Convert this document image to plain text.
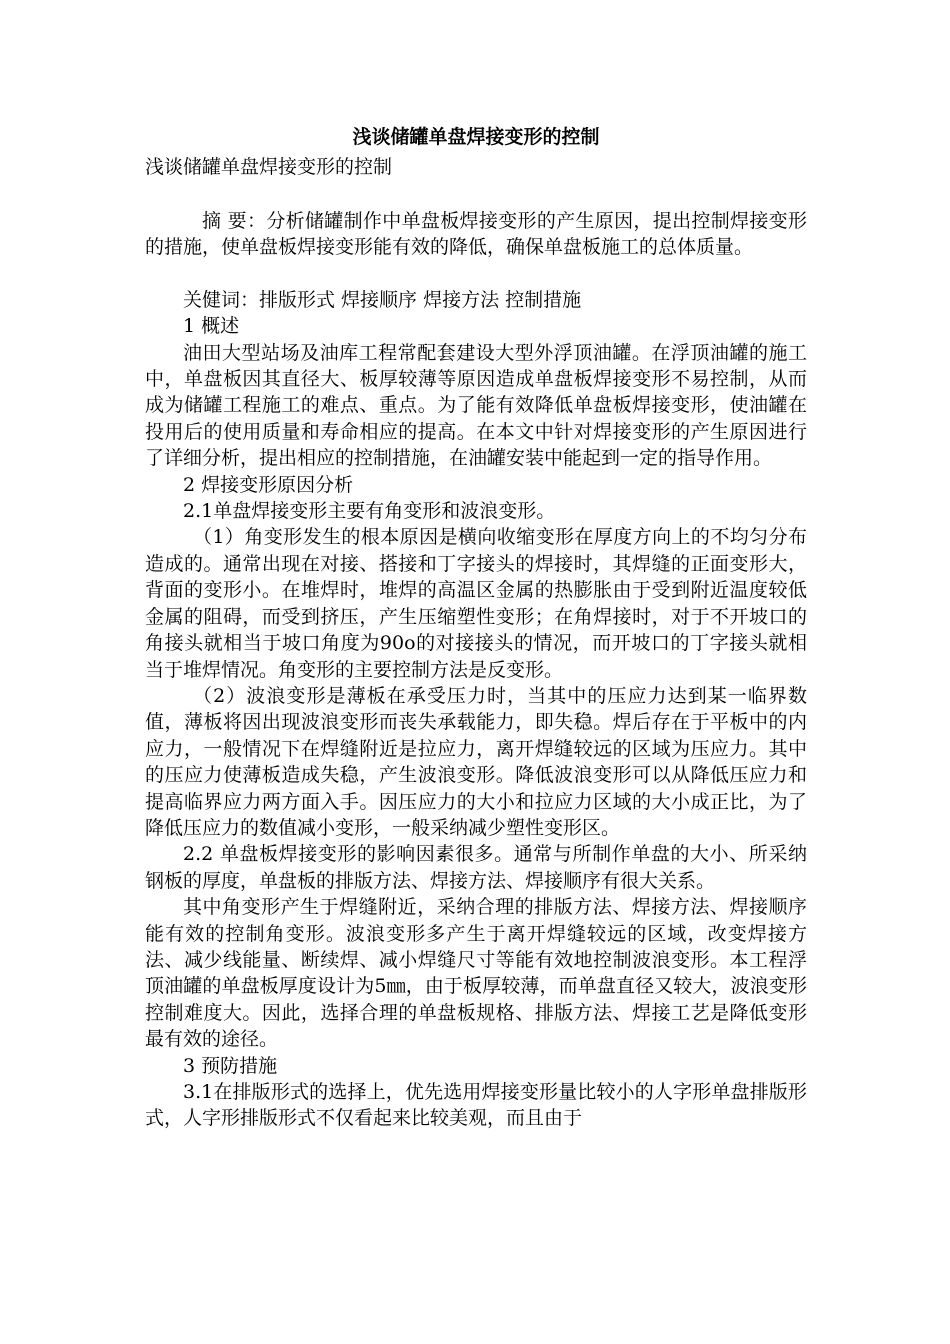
浅谈储罐单盘焊接变形的控制

浅谈储罐单盘焊接变形的控制

摘 要：分析储罐制作中单盘板焊接变形的产生原因，提出控制焊接变形的措施，使单盘板焊接变形能有效的降低，确保单盘板施工的总体质量。

关健词：排版形式 焊接顺序 焊接方法 控制措施

1 概述

油田大型站场及油库工程常配套建设大型外浮顶油罐。在浮顶油罐的施工中，单盘板因其直径大、板厚较薄等原因造成单盘板焊接变形不易控制，从而成为储罐工程施工的难点、重点。为了能有效降低单盘板焊接变形，使油罐在投用后的使用质量和寿命相应的提高。在本文中针对焊接变形的产生原因进行了详细分析，提出相应的控制措施，在油罐安装中能起到一定的指导作用。

2 焊接变形原因分析

2.1单盘焊接变形主要有角变形和波浪变形。

（1）角变形发生的根本原因是横向收缩变形在厚度方向上的不均匀分布造成的。通常出现在对接、搭接和丁字接头的焊接时，其焊缝的正面变形大，背面的变形小。在堆焊时，堆焊的高温区金属的热膨胀由于受到附近温度较低金属的阻碍，而受到挤压，产生压缩塑性变形；在角焊接时，对于不开坡口的角接头就相当于坡口角度为90o的对接接头的情况，而开坡口的丁字接头就相当于堆焊情况。角变形的主要控制方法是反变形。

（2）波浪变形是薄板在承受压力时，当其中的压应力达到某一临界数值，薄板将因出现波浪变形而丧失承载能力，即失稳。焊后存在于平板中的内应力，一般情况下在焊缝附近是拉应力，离开焊缝较远的区域为压应力。其中的压应力使薄板造成失稳，产生波浪变形。降低波浪变形可以从降低压应力和提高临界应力两方面入手。因压应力的大小和拉应力区域的大小成正比，为了降低压应力的数值减小变形，一般采纳减少塑性变形区。

2.2 单盘板焊接变形的影响因素很多。通常与所制作单盘的大小、所采纳钢板的厚度，单盘板的排版方法、焊接方法、焊接顺序有很大关系。

其中角变形产生于焊缝附近，采纳合理的排版方法、焊接方法、焊接顺序能有效的控制角变形。波浪变形多产生于离开焊缝较远的区域，改变焊接方法、减少线能量、断续焊、减小焊缝尺寸等能有效地控制波浪变形。本工程浮顶油罐的单盘板厚度设计为5㎜，由于板厚较薄，而单盘直径又较大，波浪变形控制难度大。因此，选择合理的单盘板规格、排版方法、焊接工艺是降低变形最有效的途径。

3 预防措施

3.1在排版形式的选择上，优先选用焊接变形量比较小的人字形单盘排版形式，人字形排版形式不仅看起来比较美观，而且由于
